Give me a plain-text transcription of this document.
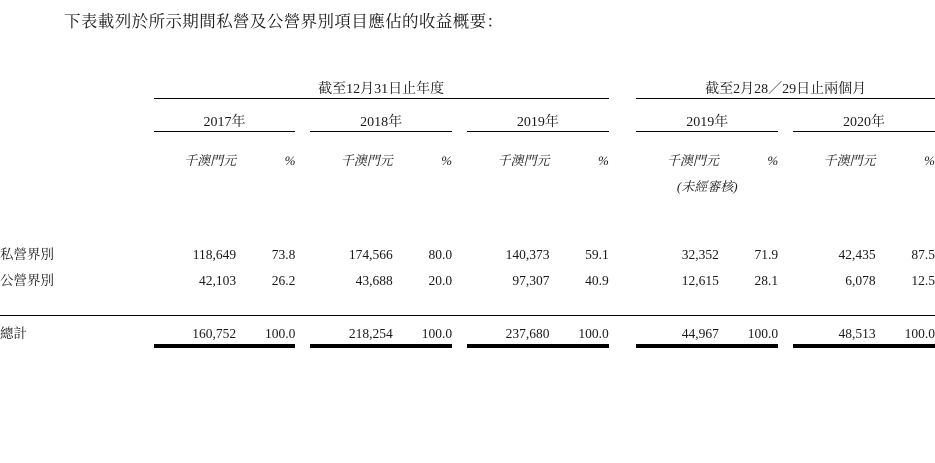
下表載列於所示期間私營及公營界別項目應佔的收益概要：
	截至12月31日止年度									截至2月28／29日止兩個月				

	2017年			2018年			2019年			2019年			2020年	

	千澳門元	%		千澳門元	%		千澳門元	%		千澳門元	%		千澳門元	%
										(未經審核)				

私營界別	118,649	73.8		174,566	80.0		140,373	59.1		32,352	71.9		42,435	87.5
公營界別	42,103	26.2		43,688	20.0		97,307	40.9		12,615	28.1		6,078	12.5

總計	160,752	100.0		218,254	100.0		237,680	100.0		44,967	100.0		48,513	100.0
